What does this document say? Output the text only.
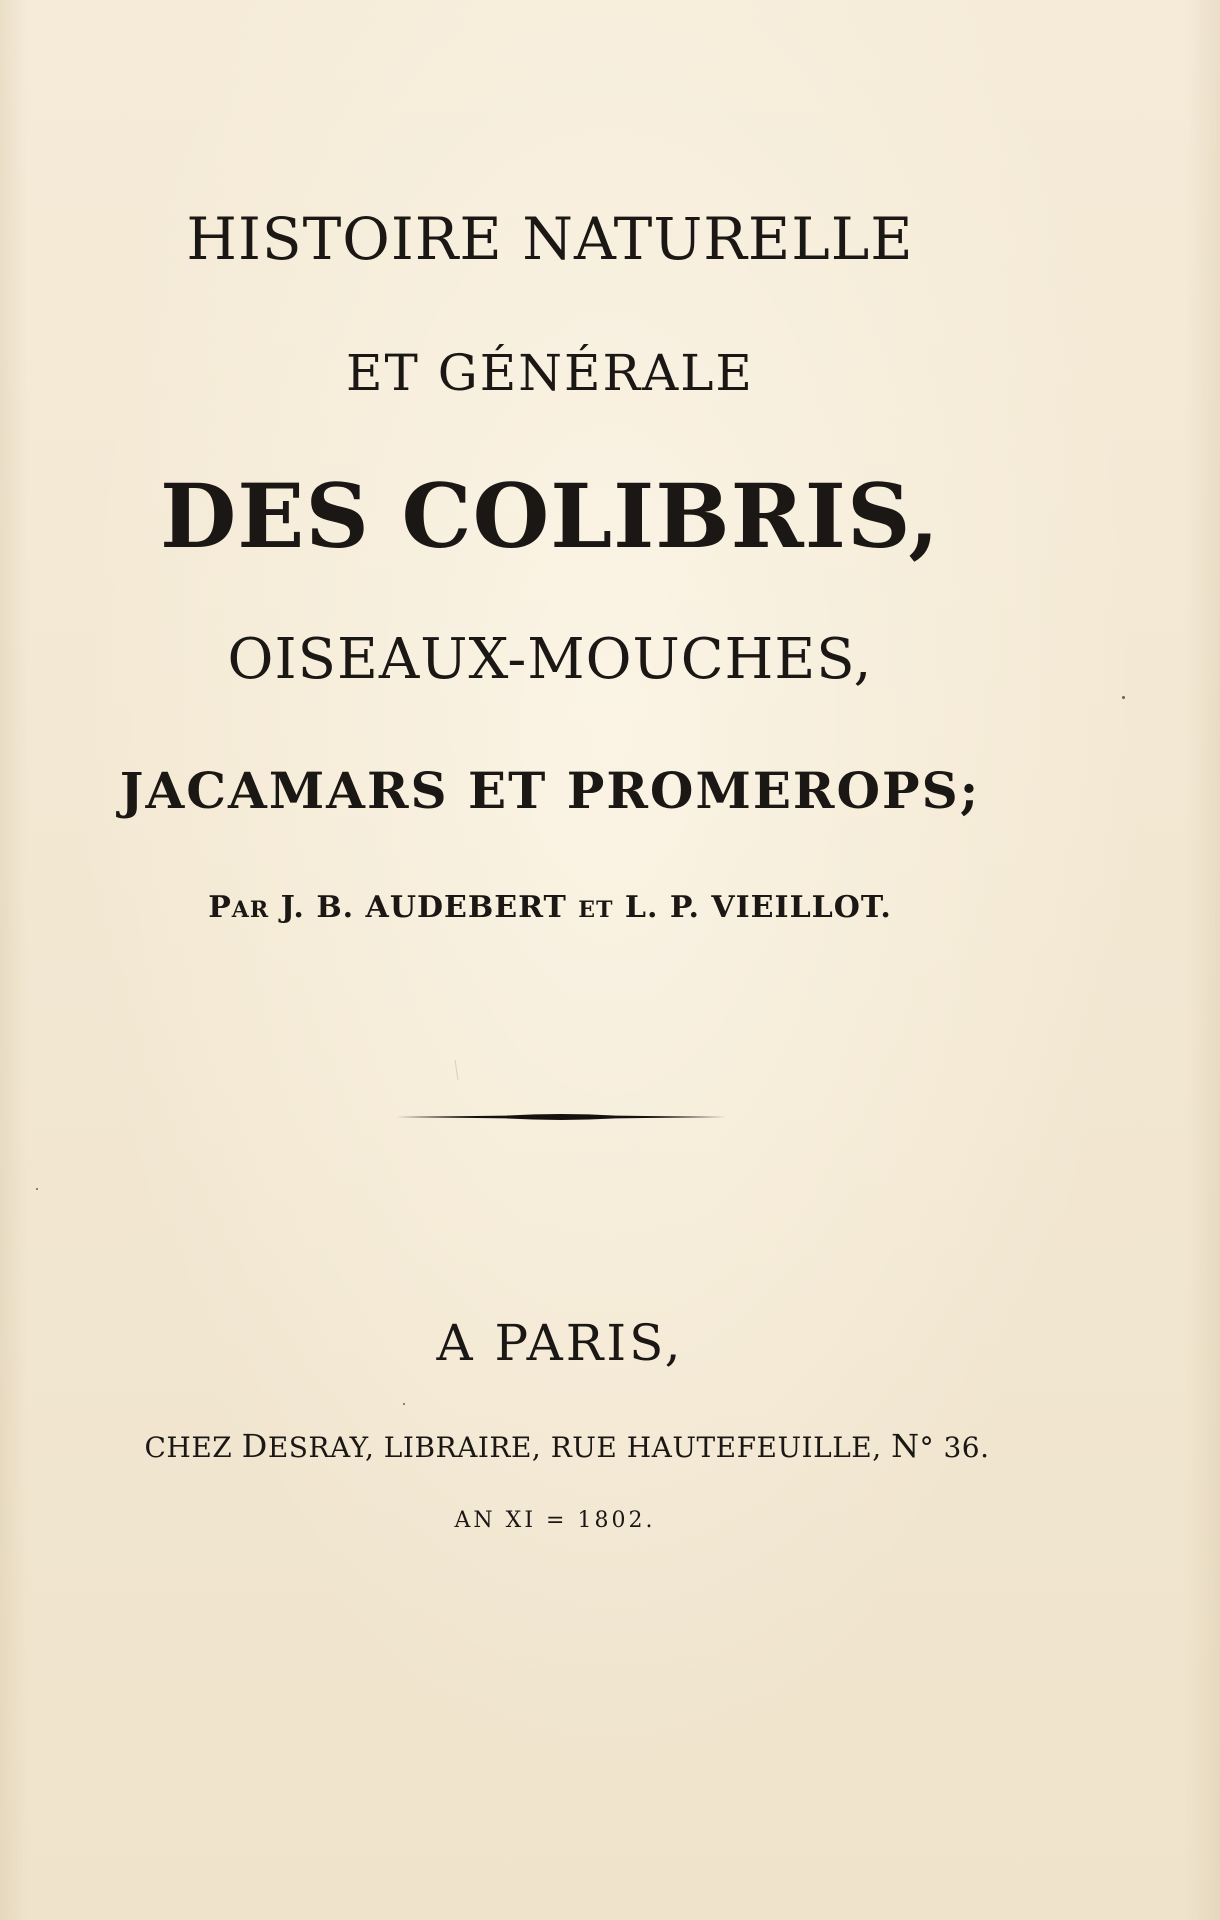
HISTOIRE NATURELLE
ET GÉNÉRALE
DES COLIBRIS,
OISEAUX-MOUCHES,
JACAMARS ET PROMEROPS;

PAR J. B. AUDEBERT ET L. P. VIEILLOT.

A PARIS,

CHEZ DESRAY, LIBRAIRE, RUE HAUTEFEUILLE, N° 36.

AN XI = 1802.
